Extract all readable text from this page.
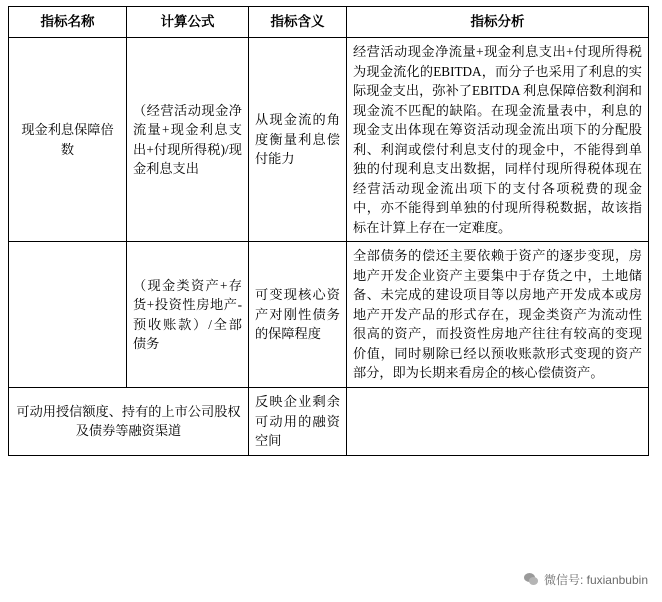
指标名称	计算公式	指标含义	指标分析
现金利息保障倍数	（经营活动现金净流量+现金利息支出+付现所得税)/现金利息支出	从现金流的角度衡量利息偿付能力	经营活动现金净流量+现金利息支出+付现所得税为现金流化的EBITDA，而分子也采用了利息的实际现金支出，弥补了EBITDA 利息保障倍数利润和现金流不匹配的缺陷。在现金流量表中，利息的现金支出体现在筹资活动现金流出项下的分配股利、利润或偿付利息支付的现金中，不能得到单独的付现利息支出数据，同样付现所得税体现在经营活动现金流出项下的支付各项税费的现金中，亦不能得到单独的付现所得税数据，故该指标在计算上存在一定难度。
	（现金类资产+存货+投资性房地产-预收账款）/全部债务	可变现核心资产对刚性债务的保障程度	全部债务的偿还主要依赖于资产的逐步变现，房地产开发企业资产主要集中于存货之中，土地储备、未完成的建设项目等以房地产开发成本或房地产开发产品的形式存在，现金类资产为流动性很高的资产，而投资性房地产往往有较高的变现价值，同时剔除已经以预收账款形式变现的资产部分，即为长期来看房企的核心偿债资产。
可动用授信额度、持有的上市公司股权及债券等融资渠道		反映企业剩余可动用的融资空间	
微信号: fuxianbubin
